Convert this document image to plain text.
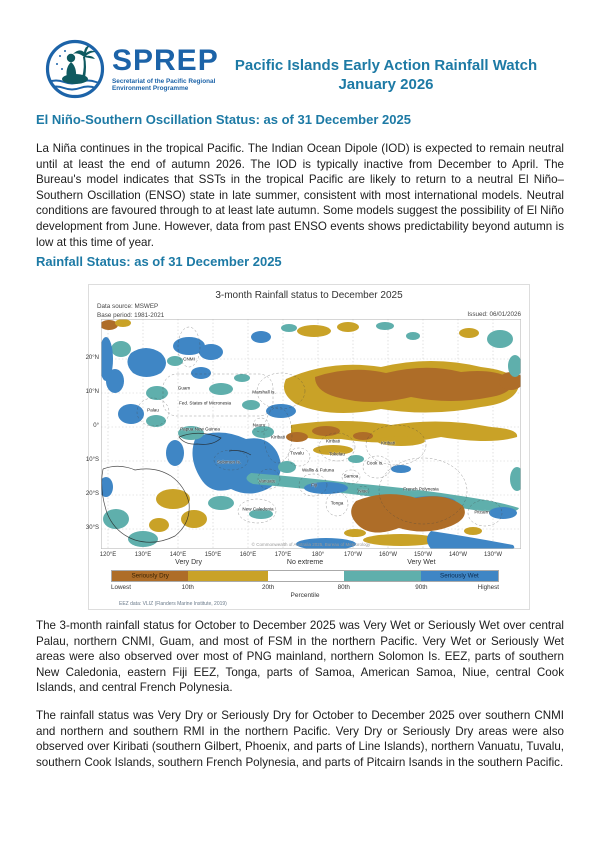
SPREP
Secretariat of the Pacific Regional
Environment Programme
Pacific Islands Early Action Rainfall Watch
January 2026
El Niño-Southern Oscillation Status: as of 31 December 2025
La Niña continues in the tropical Pacific. The Indian Ocean Dipole (IOD) is expected to remain neutral until at least the end of autumn 2026. The IOD is typically inactive from December to April. The Bureau's model indicates that SSTs in the tropical Pacific are likely to return to a neutral El Niño–Southern Oscillation (ENSO) state in late summer, consistent with most international models. Neutral conditions are favoured through to at least late autumn. Some models suggest the possibility of El Niño development from June. However, data from past ENSO events shows predictability beyond autumn is low at this time of year.
Rainfall Status: as of 31 December 2025
3-month Rainfall status to December 2025
Data source: MSWEP
Base period: 1981-2021	Issued: 06/01/2026
© Commonwealth of Australia 2025, Bureau of Meteorology
CNMI
Guam
Palau
Fed. States of Micronesia
Marshall Is.
Papua New Guinea
Nauru
Kiribati
Kiribati	Kiribati
Solomon Is.
Tuvalu	Tokelau
Wallis & Futuna
Samoa
Fiji
Vanuatu
New Caledonia
Tonga
Niue
Cook Is.
French Polynesia
Pitcairn
Seriously Dry	Seriously Wet
Percentile
EEZ data: VLIZ (Flanders Marine Institute, 2019)
120°E	130°E	140°E	150°E	160°E	170°E	180°	170°W	160°W	150°W	140°W	130°W
20°N
10°N
0°
10°S
20°S
30°S
Very Dry	No extreme	Very Wet
Lowest	10th	20th	80th	90th	Highest
The 3-month rainfall status for October to December 2025 was Very Wet or Seriously Wet over central Palau, northern CNMI, Guam, and most of FSM in the northern Pacific. Very Wet or Seriously Wet areas were also observed over most of PNG mainland, northern Solomon Is. EEZ, parts of southern New Caledonia, eastern Fiji EEZ, Tonga, parts of Samoa, American Samoa, Niue, central Cook Islands, and central French Polynesia.
The rainfall status was Very Dry or Seriously Dry for October to December 2025 over southern CNMI and northern and southern RMI in the northern Pacific. Very Dry or Seriously Dry areas were also observed over Kiribati (southern Gilbert, Phoenix, and parts of Line Islands), northern Vanuatu, Tuvalu, southern Cook Islands, southern French Polynesia, and parts of Pitcairn Isands in the southern Pacific.
